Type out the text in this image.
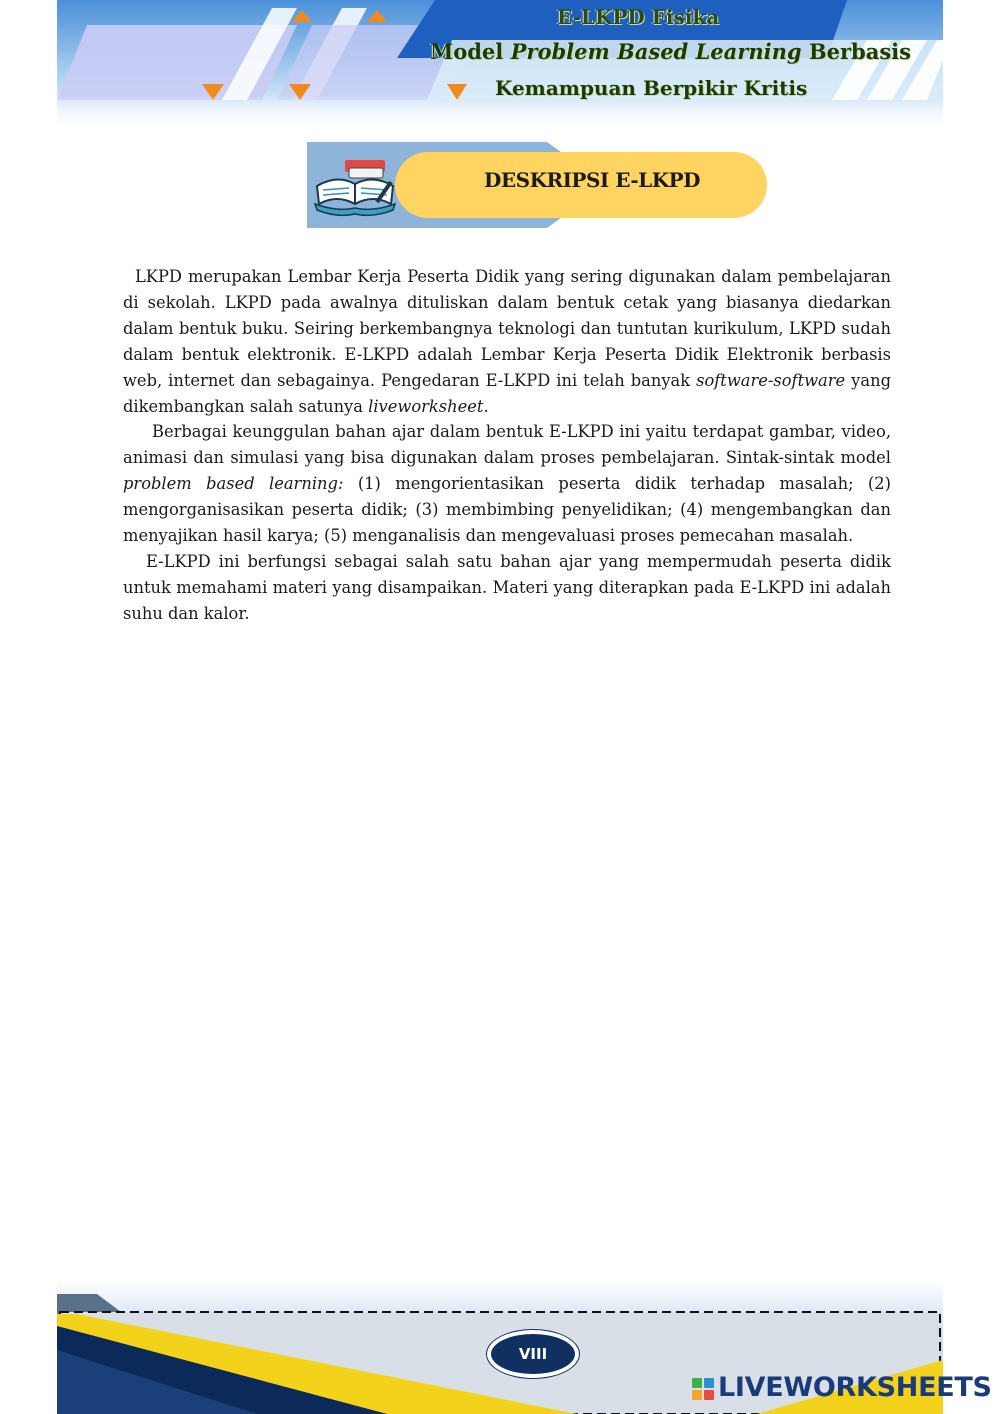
E-LKPD Fisika
Model Problem Based Learning Berbasis
Kemampuan Berpikir Kritis
DESKRIPSI E-LKPD

LKPD merupakan Lembar Kerja Peserta Didik yang sering digunakan dalam pembelajaran di sekolah. LKPD pada awalnya dituliskan dalam bentuk cetak yang biasanya diedarkan dalam bentuk buku. Seiring berkembangnya teknologi dan tuntutan kurikulum, LKPD sudah dalam bentuk elektronik. E-LKPD adalah Lembar Kerja Peserta Didik Elektronik berbasis web, internet dan sebagainya. Pengedaran E-LKPD ini telah banyak software-software yang dikembangkan salah satunya liveworksheet.

Berbagai keunggulan bahan ajar dalam bentuk E-LKPD ini yaitu terdapat gambar, video, animasi dan simulasi yang bisa digunakan dalam proses pembelajaran. Sintak-sintak model problem based learning: (1) mengorientasikan peserta didik terhadap masalah; (2) mengorganisasikan peserta didik; (3) membimbing penyelidikan; (4) mengembangkan dan menyajikan hasil karya; (5) menganalisis dan mengevaluasi proses pemecahan masalah.

E-LKPD ini berfungsi sebagai salah satu bahan ajar yang mempermudah peserta didik untuk memahami materi yang disampaikan. Materi yang diterapkan pada E-LKPD ini adalah suhu dan kalor.

VIII
LIVEWORKSHEETS
